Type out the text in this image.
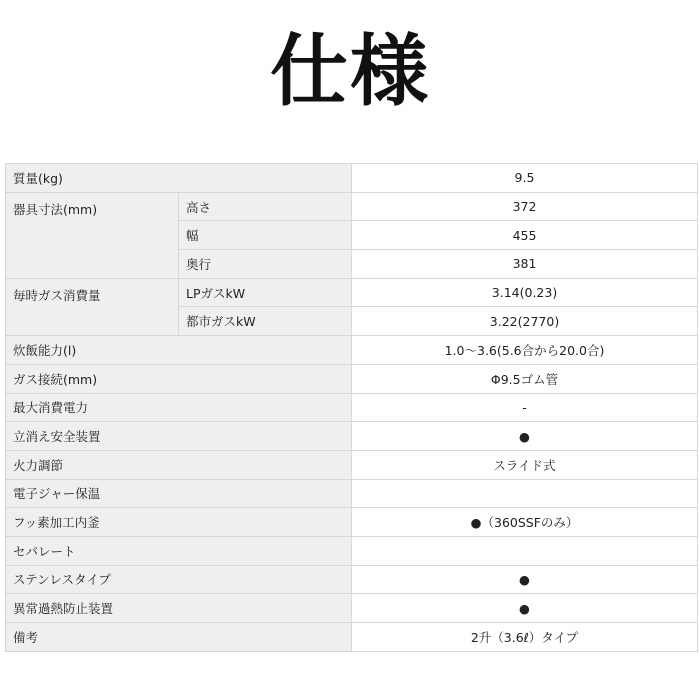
仕様
質量(kg)		9.5
器具寸法(mm)	高さ	372
	幅	455
	奥行	381
毎時ガス消費量	LPガスkW	3.14(0.23)
	都市ガスkW	3.22(2770)
炊飯能力(l)		1.0〜3.6(5.6合から20.0合)
ガス接続(mm)		Φ9.5ゴム管
最大消費電力		-
立消え安全装置		●
火力調節		スライド式
電子ジャー保温		
フッ素加工内釜		●（360SSFのみ）
セパレート		
ステンレスタイプ		●
異常過熱防止装置		●
備考		2升（3.6ℓ）タイプ
